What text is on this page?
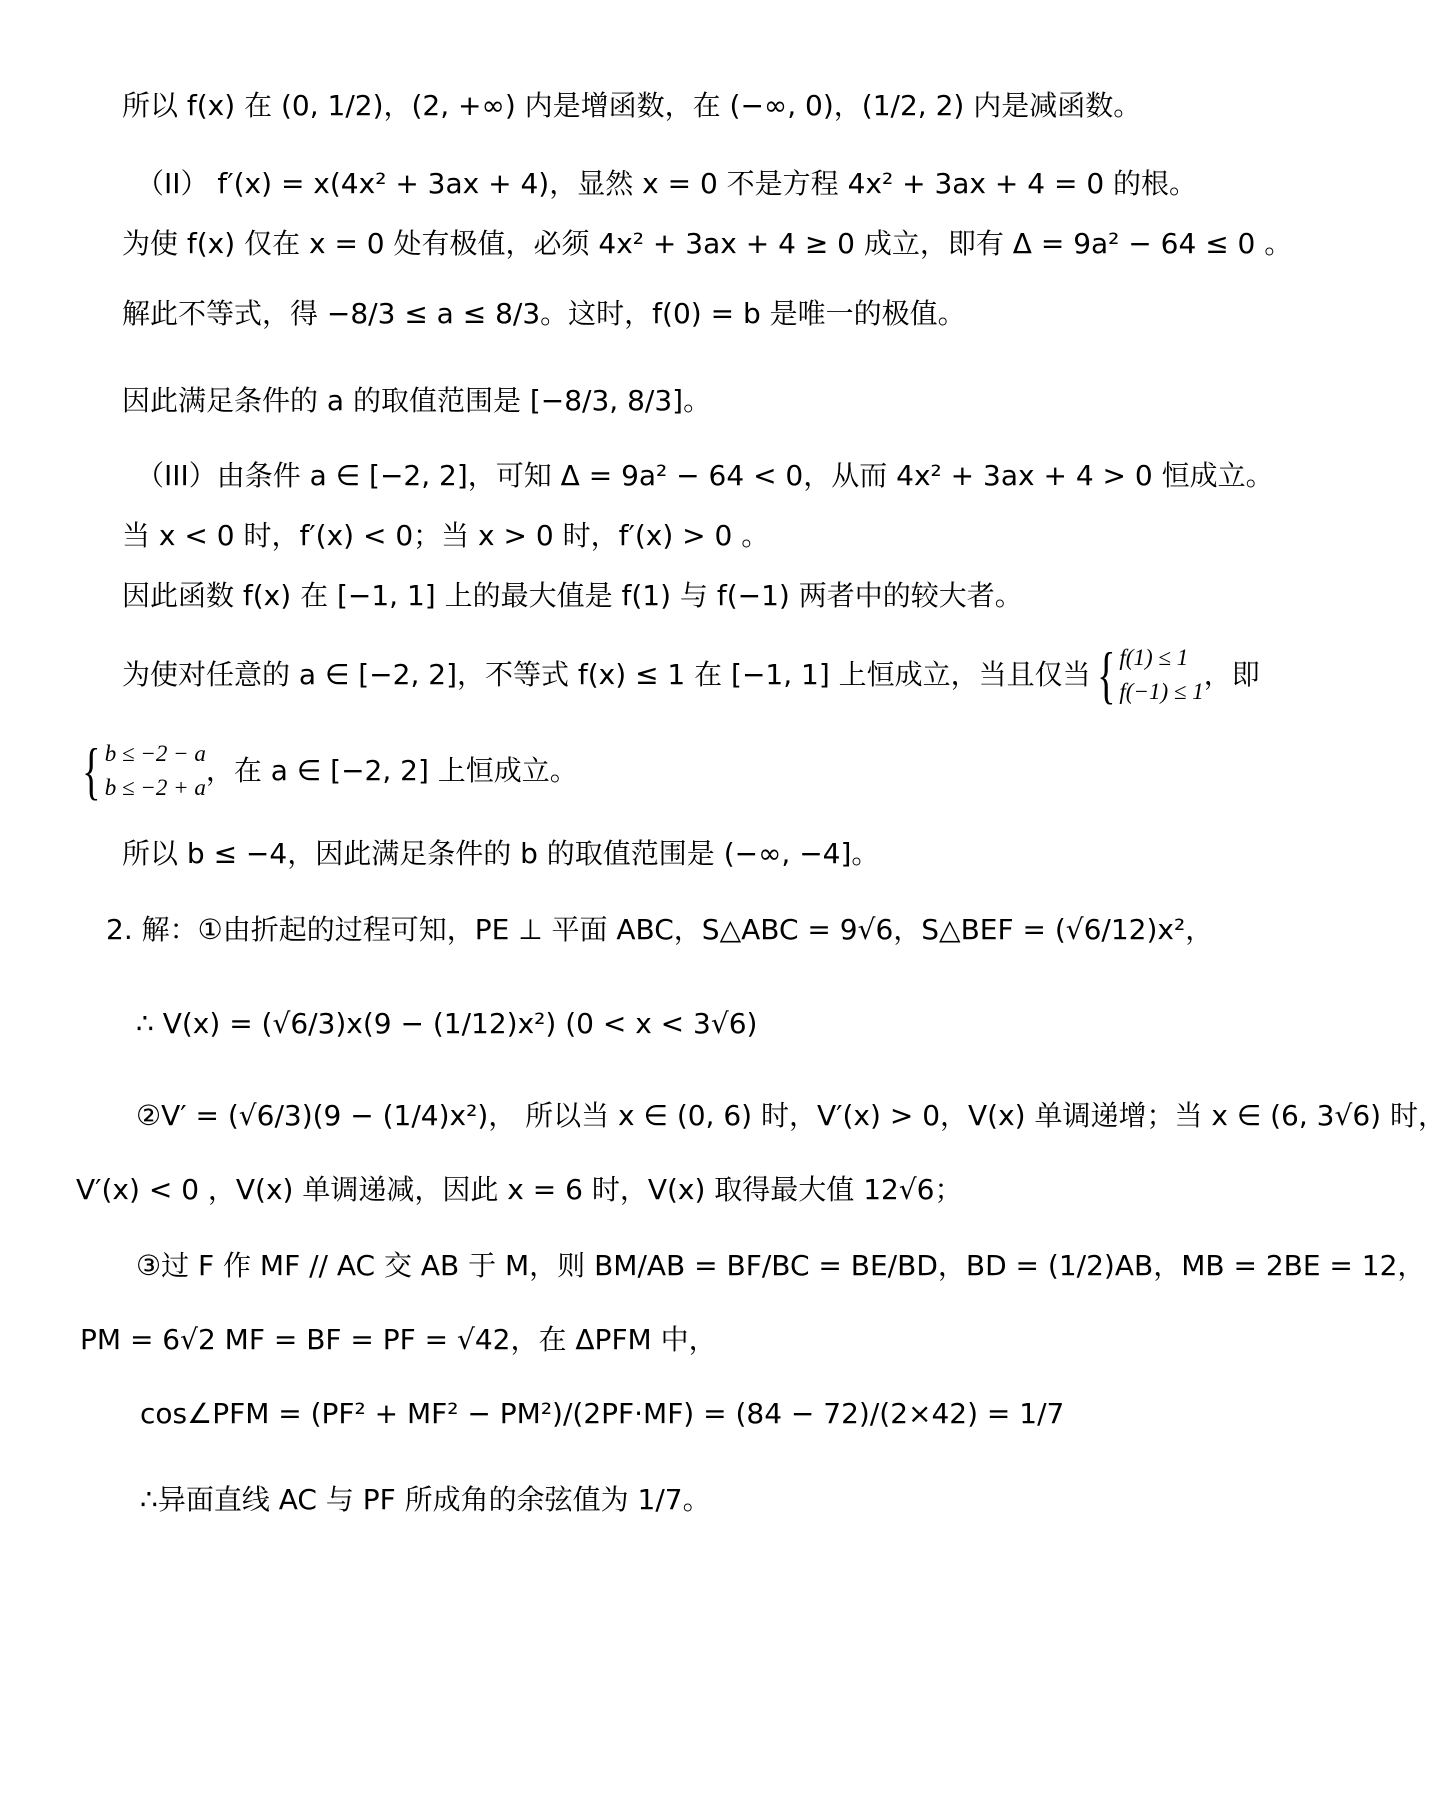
所以 f(x) 在 (0, 1/2)，(2, +∞) 内是增函数，在 (−∞, 0)，(1/2, 2) 内是减函数。
（II） f′(x) = x(4x² + 3ax + 4)，显然 x = 0 不是方程 4x² + 3ax + 4 = 0 的根。
为使 f(x) 仅在 x = 0 处有极值，必须 4x² + 3ax + 4 ≥ 0 成立，即有 Δ = 9a² − 64 ≤ 0 。
解此不等式，得 −8/3 ≤ a ≤ 8/3。这时，f(0) = b 是唯一的极值。
因此满足条件的 a 的取值范围是 [−8/3, 8/3]。
（III）由条件 a ∈ [−2, 2]，可知 Δ = 9a² − 64 < 0，从而 4x² + 3ax + 4 > 0 恒成立。
当 x < 0 时，f′(x) < 0；当 x > 0 时，f′(x) > 0 。
因此函数 f(x) 在 [−1, 1] 上的最大值是 f(1) 与 f(−1) 两者中的较大者。
为使对任意的 a ∈ [−2, 2]，不等式 f(x) ≤ 1 在 [−1, 1] 上恒成立，当且仅当 { f(1) ≤ 1
f(−1) ≤ 1
，即
{ b ≤ −2 − a
b ≤ −2 + a
，在 a ∈ [−2, 2] 上恒成立。
所以 b ≤ −4，因此满足条件的 b 的取值范围是 (−∞, −4]。
2. 解：①由折起的过程可知，PE ⊥ 平面 ABC，S△ABC = 9√6，S△BEF = (√6/12)x²，
∴ V(x) = (√6/3)x(9 − (1/12)x²) (0 < x < 3√6)
②V′ = (√6/3)(9 − (1/4)x²)， 所以当 x ∈ (0, 6) 时，V′(x) > 0，V(x) 单调递增；当 x ∈ (6, 3√6) 时，
V′(x) < 0 ，V(x) 单调递减，因此 x = 6 时，V(x) 取得最大值 12√6；
③过 F 作 MF // AC 交 AB 于 M，则 BM/AB = BF/BC = BE/BD，BD = (1/2)AB，MB = 2BE = 12，
PM = 6√2 MF = BF = PF = √42，在 ΔPFM 中，
cos∠PFM = (PF² + MF² − PM²)/(2PF·MF) = (84 − 72)/(2×42) = 1/7
∴异面直线 AC 与 PF 所成角的余弦值为 1/7。
